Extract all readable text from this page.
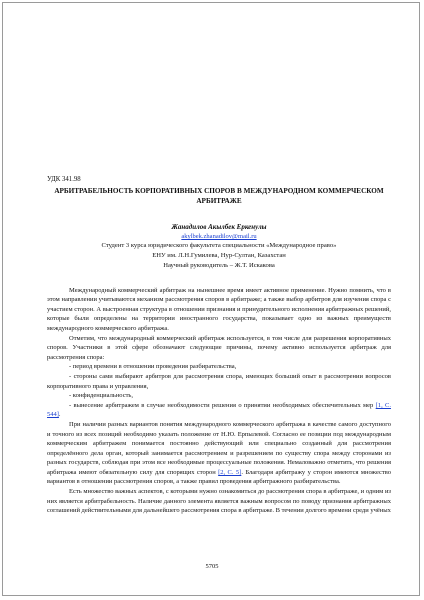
УДК 341.98
АРБИТРАБЕЛЬНОСТЬ КОРПОРАТИВНЫХ СПОРОВ В МЕЖДУНАРОДНОМ КОММЕРЧЕСКОМ АРБИТРАЖЕ
Жанадилов Акылбек Еркенулы
akylbek.zhanadilov@mail.ru
Студент 3 курса юридического факультета специальности «Международное право»
ЕНУ им. Л.Н.Гумилева, Нур-Султан, Казахстан
Научный руководитель – Ж.Т. Искакова

Международный коммерческий арбитраж на нынешнее время имеет активное применение. Нужно помнить, что в этом направлении учитываются механизм рассмотрения споров в арбитраже; а также выбор арбитров для изучения спора с участием сторон. А выстроенная структура в отношении признания и принудительного исполнения арбитражных решений, которые были определены на территории иностранного государства, показывает одно из важных преимуществ международного коммерческого арбитража.

Отметим, что международный коммерческий арбитраж используется, в том числе для разрешения корпоративных споров. Участники в этой сфере обозначают следующие причины, почему активно используется арбитраж для рассмотрения спора:

- период времени в отношении проведения разбирательства,

- стороны сами выбирают арбитров для рассмотрения спора, имеющих больший опыт в рассмотрении вопросов корпоративного права и управления,

- конфиденциальность,

- вынесение арбитражем в случае необходимости решения о принятии необходимых обеспечительных мер [1, С. 544].

При наличии разных вариантов понятия международного коммерческого арбитража в качестве самого доступного и точного из всех позиций необходимо указать положение от Н.Ю. Ерпылевой. Согласно ее позиции под международным коммерческим арбитражем понимается постоянно действующий или специально созданный для рассмотрения определённого дела орган, который занимается рассмотрением и разрешением по существу спора между сторонами из разных государств, соблюдая при этом все необходимые процессуальные положения. Немаловажно отметить, что решения арбитража имеют обязательную силу для спорящих сторон [2, С. 5]. Благодаря арбитражу у сторон имеются множество вариантов в отношении рассмотрения споров, а также правил проведения арбитражного разбирательства.

Есть множество важных аспектов, с которыми нужно ознакомиться до рассмотрения спора в арбитраже, и одним из них является арбитрабельность. Наличие данного элемента является важным вопросом по поводу признания арбитражных соглашений действительными для дальнейшего рассмотрения спора в арбитраже. В течении долгого времени среди учёных

5705
